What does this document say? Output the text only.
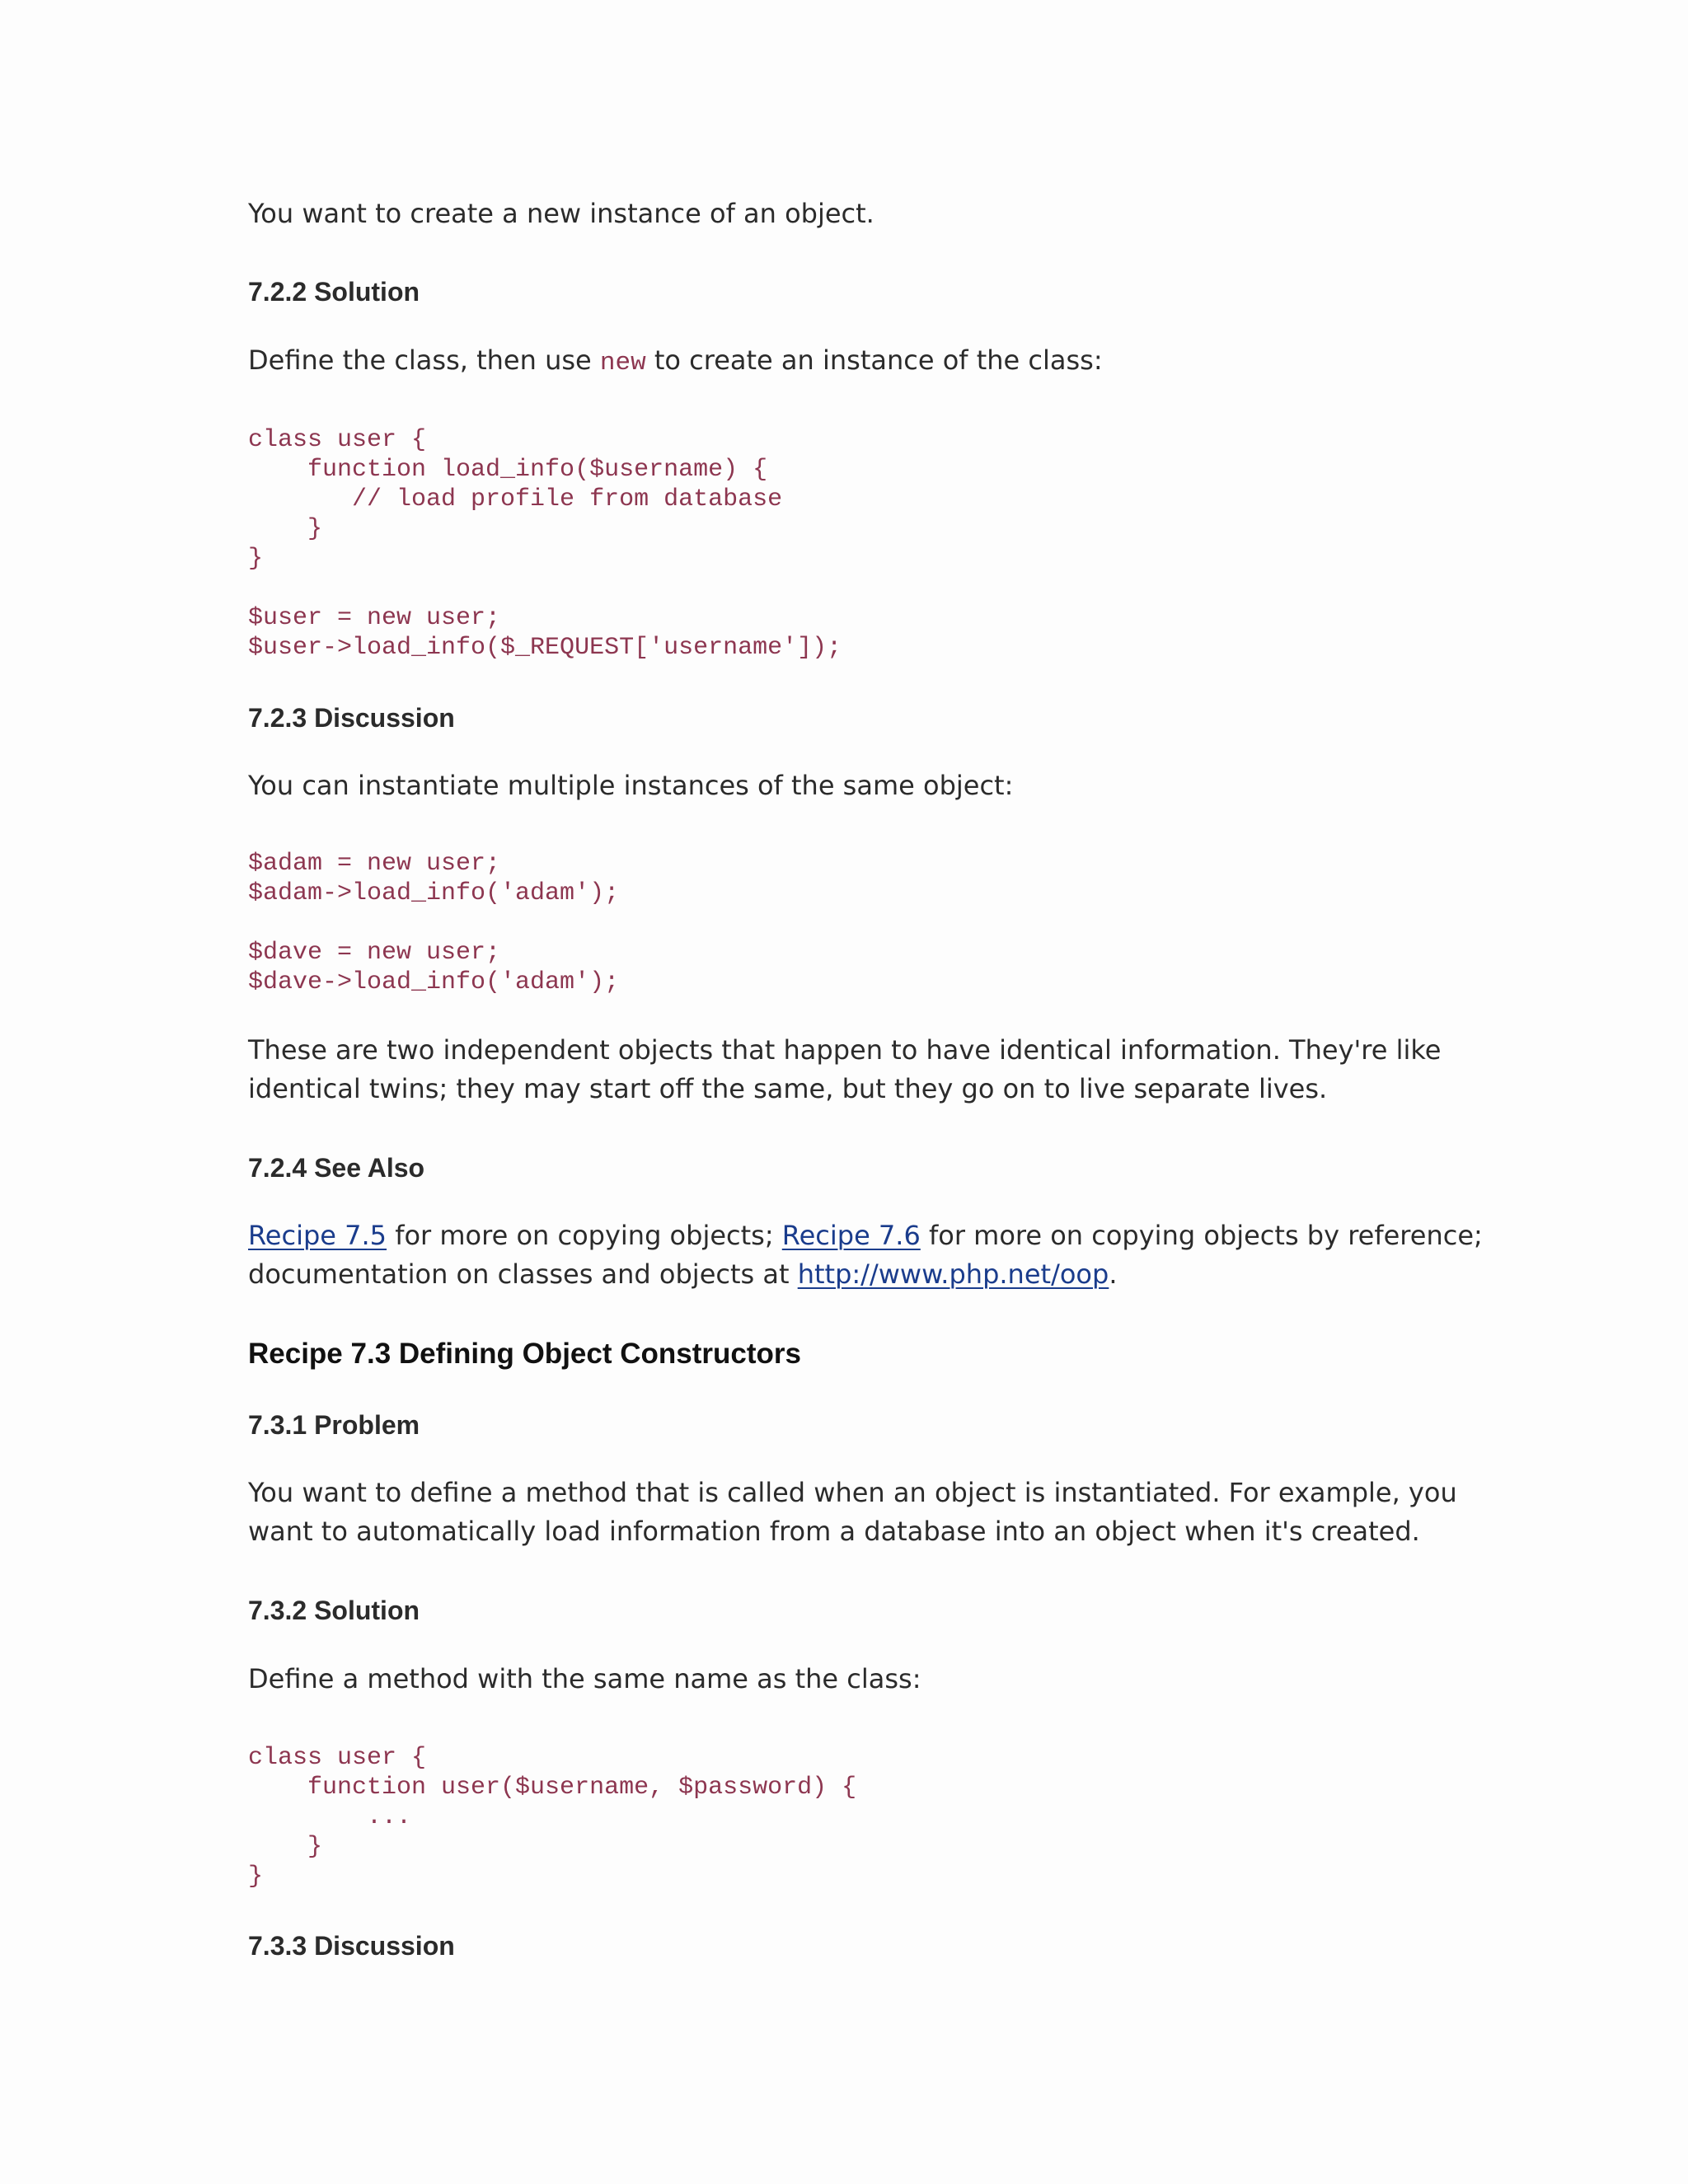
You want to create a new instance of an object.

7.2.2 Solution

Define the class, then use new to create an instance of the class:

class user {
function load_info($username) {
// load profile from database
}
}

$user = new user;
$user->load_info($_REQUEST['username']);
7.2.3 Discussion

You can instantiate multiple instances of the same object:

$adam = new user;
$adam->load_info('adam');

$dave = new user;
$dave->load_info('adam');

These are two independent objects that happen to have identical information. They're like

identical twins; they may start off the same, but they go on to live separate lives.

7.2.4 See Also

Recipe 7.5 for more on copying objects; Recipe 7.6 for more on copying objects by reference;

documentation on classes and objects at http://www.php.net/oop.

Recipe 7.3 Defining Object Constructors
7.3.1 Problem

You want to define a method that is called when an object is instantiated. For example, you

want to automatically load information from a database into an object when it's created.

7.3.2 Solution

Define a method with the same name as the class:

class user {
function user($username, $password) {
...
}
}
7.3.3 Discussion
